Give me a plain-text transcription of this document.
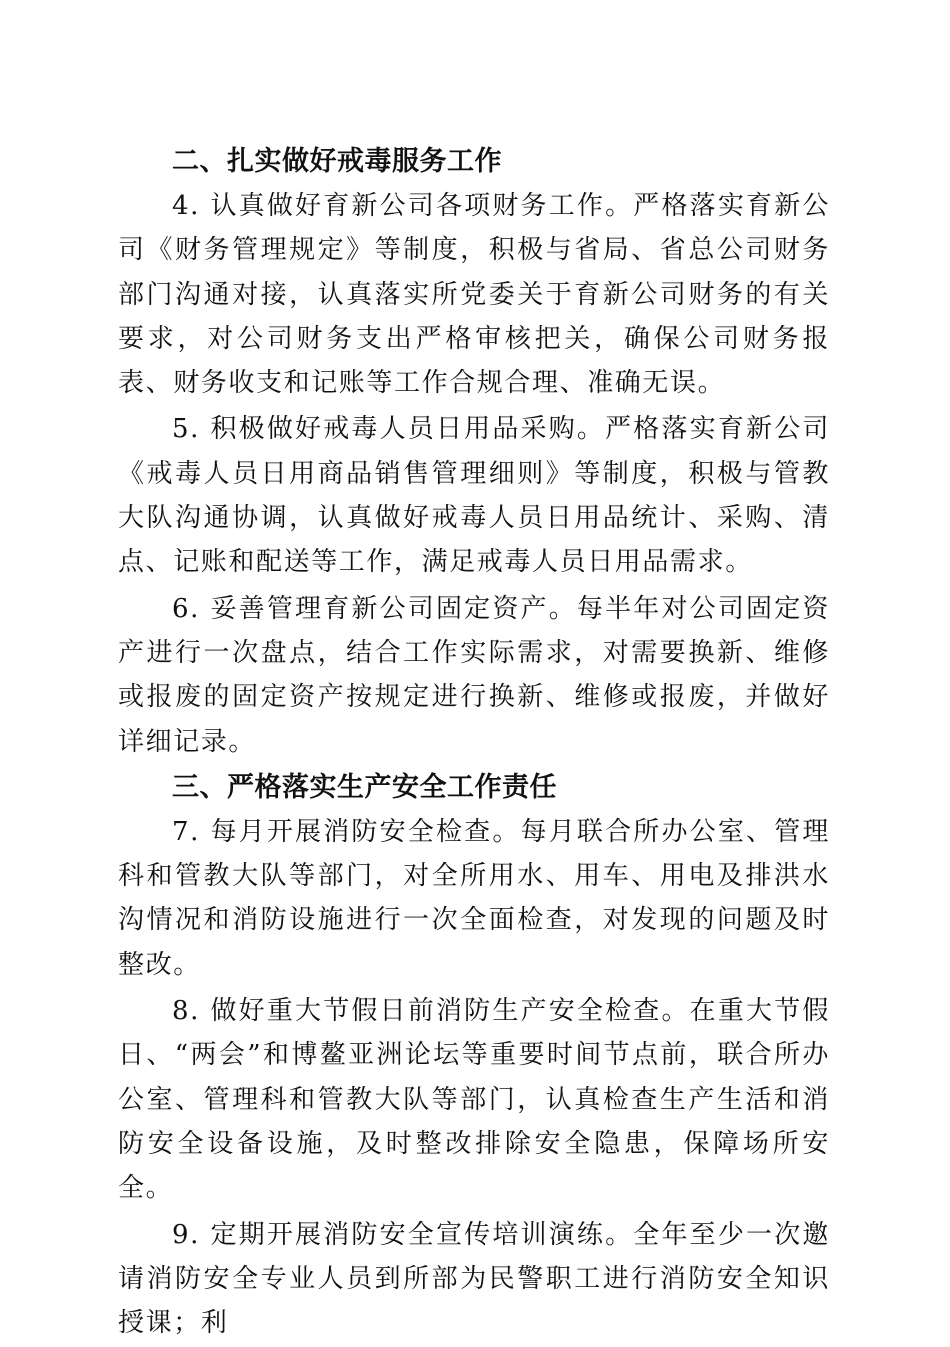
二、扎实做好戒毒服务工作

4. 认真做好育新公司各项财务工作。严格落实育新公司《财务管理规定》等制度，积极与省局、省总公司财务部门沟通对接，认真落实所党委关于育新公司财务的有关要求，对公司财务支出严格审核把关，确保公司财务报表、财务收支和记账等工作合规合理、准确无误。

5. 积极做好戒毒人员日用品采购。严格落实育新公司《戒毒人员日用商品销售管理细则》等制度，积极与管教大队沟通协调，认真做好戒毒人员日用品统计、采购、清点、记账和配送等工作，满足戒毒人员日用品需求。

6. 妥善管理育新公司固定资产。每半年对公司固定资产进行一次盘点，结合工作实际需求，对需要换新、维修或报废的固定资产按规定进行换新、维修或报废，并做好详细记录。

三、严格落实生产安全工作责任

7. 每月开展消防安全检查。每月联合所办公室、管理科和管教大队等部门，对全所用水、用车、用电及排洪水沟情况和消防设施进行一次全面检查，对发现的问题及时整改。

8. 做好重大节假日前消防生产安全检查。在重大节假日、“两会”和博鳌亚洲论坛等重要时间节点前，联合所办公室、管理科和管教大队等部门，认真检查生产生活和消防安全设备设施，及时整改排除安全隐患，保障场所安全。

9. 定期开展消防安全宣传培训演练。全年至少一次邀请消防安全专业人员到所部为民警职工进行消防安全知识授课；利
